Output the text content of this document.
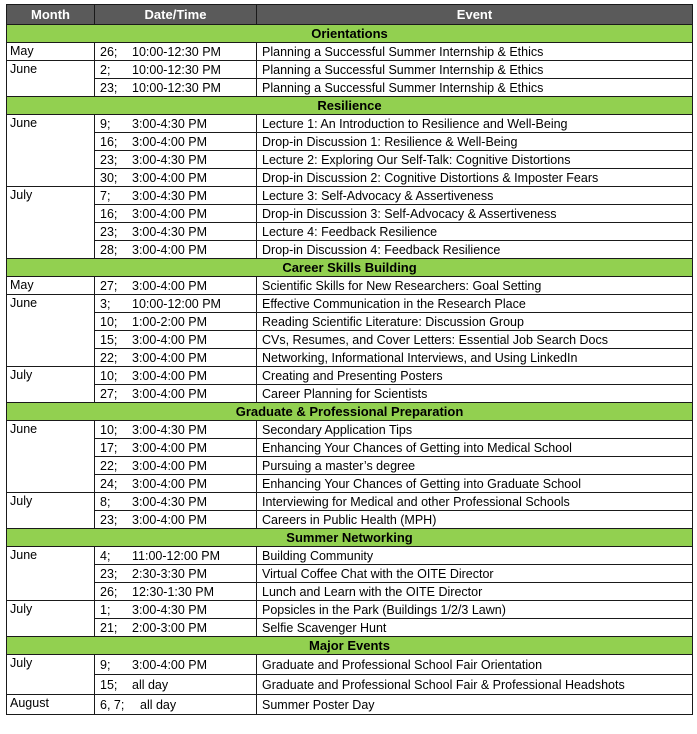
Month	Date/Time	Event
Orientations		
May	26; 10:00-12:30 PM	Planning a Successful Summer Internship & Ethics
June	2; 10:00-12:30 PM	Planning a Successful Summer Internship & Ethics
	23; 10:00-12:30 PM	Planning a Successful Summer Internship & Ethics
Resilience		
June	9; 3:00-4:30 PM	Lecture 1: An Introduction to Resilience and Well-Being
	16; 3:00-4:00 PM	Drop-in Discussion 1: Resilience & Well-Being
	23; 3:00-4:30 PM	Lecture 2: Exploring Our Self-Talk: Cognitive Distortions
	30; 3:00-4:00 PM	Drop-in Discussion 2: Cognitive Distortions & Imposter Fears
July	7; 3:00-4:30 PM	Lecture 3: Self-Advocacy & Assertiveness
	16; 3:00-4:00 PM	Drop-in Discussion 3: Self-Advocacy & Assertiveness
	23; 3:00-4:30 PM	Lecture 4: Feedback Resilience
	28; 3:00-4:00 PM	Drop-in Discussion 4: Feedback Resilience
Career Skills Building		
May	27; 3:00-4:00 PM	Scientific Skills for New Researchers: Goal Setting
June	3; 10:00-12:00 PM	Effective Communication in the Research Place
	10; 1:00-2:00 PM	Reading Scientific Literature: Discussion Group
	15; 3:00-4:00 PM	CVs, Resumes, and Cover Letters: Essential Job Search Docs
	22; 3:00-4:00 PM	Networking, Informational Interviews, and Using LinkedIn
July	10; 3:00-4:00 PM	Creating and Presenting Posters
	27; 3:00-4:00 PM	Career Planning for Scientists
Graduate & Professional Preparation		
June	10; 3:00-4:30 PM	Secondary Application Tips
	17; 3:00-4:00 PM	Enhancing Your Chances of Getting into Medical School
	22; 3:00-4:00 PM	Pursuing a master’s degree
	24; 3:00-4:00 PM	Enhancing Your Chances of Getting into Graduate School
July	8; 3:00-4:30 PM	Interviewing for Medical and other Professional Schools
	23; 3:00-4:00 PM	Careers in Public Health (MPH)
Summer Networking		
June	4; 11:00-12:00 PM	Building Community
	23; 2:30-3:30 PM	Virtual Coffee Chat with the OITE Director
	26; 12:30-1:30 PM	Lunch and Learn with the OITE Director
July	1; 3:00-4:30 PM	Popsicles in the Park (Buildings 1/2/3 Lawn)
	21; 2:00-3:00 PM	Selfie Scavenger Hunt
Major Events		
July	9; 3:00-4:00 PM	Graduate and Professional School Fair Orientation
	15; all day	Graduate and Professional School Fair & Professional Headshots
August	6, 7; all day	Summer Poster Day
